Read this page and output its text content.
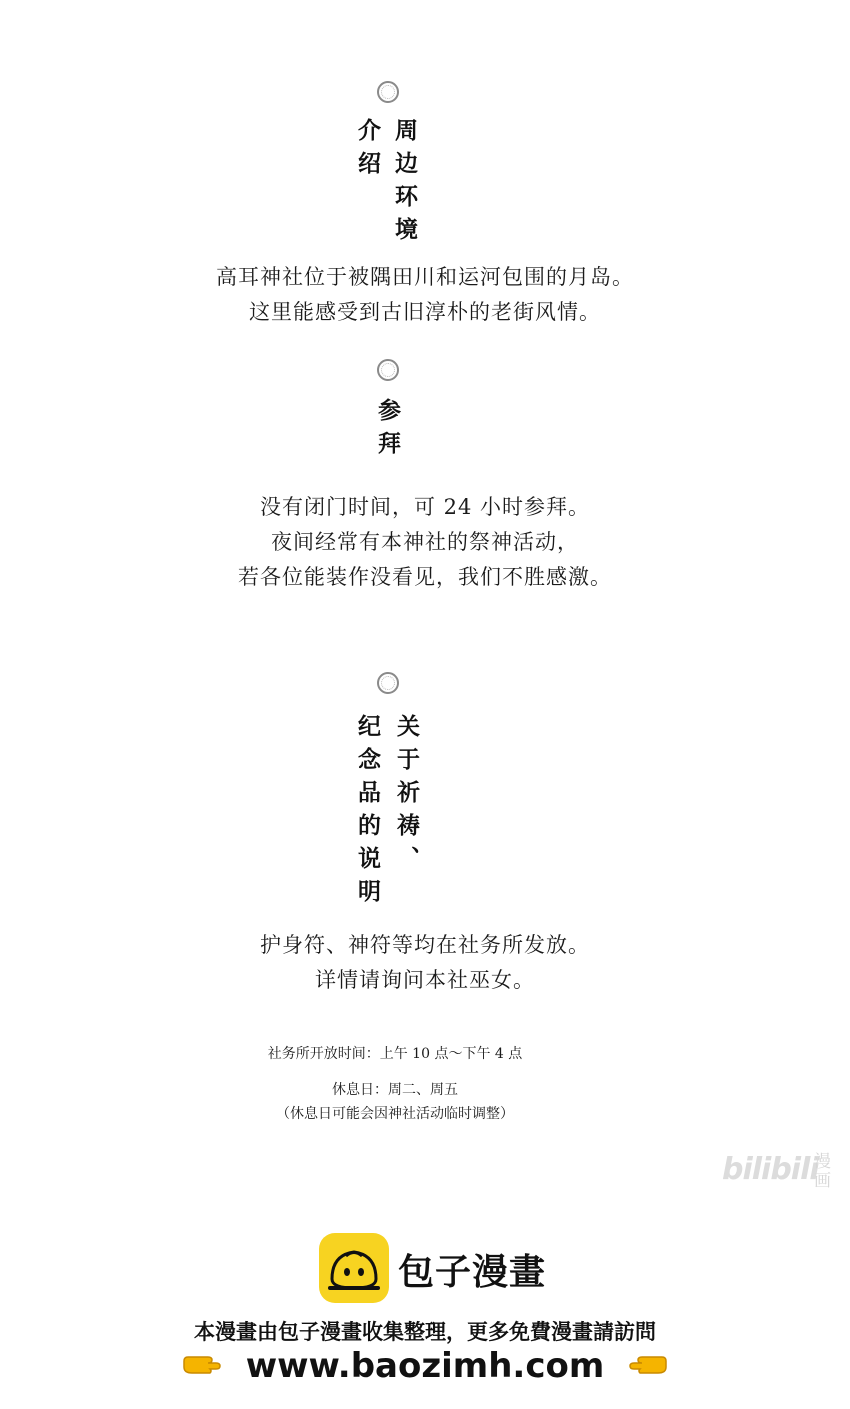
周边环境
介绍
高耳神社位于被隅田川和运河包围的月岛。
这里能感受到古旧淳朴的老街风情。
参拜
没有闭门时间，可 24 小时参拜。
夜间经常有本神社的祭神活动，
若各位能装作没看见，我们不胜感激。
关于祈祷、
纪念品的说明
护身符、神符等均在社务所发放。
详情请询问本社巫女。
社务所开放时间：上午 10 点～下午 4 点
休息日：周二、周五
（休息日可能会因神社活动临时调整）
bilibili
漫画
包子漫畫
本漫畫由包子漫畫收集整理，更多免費漫畫請訪問
www.baozimh.com
